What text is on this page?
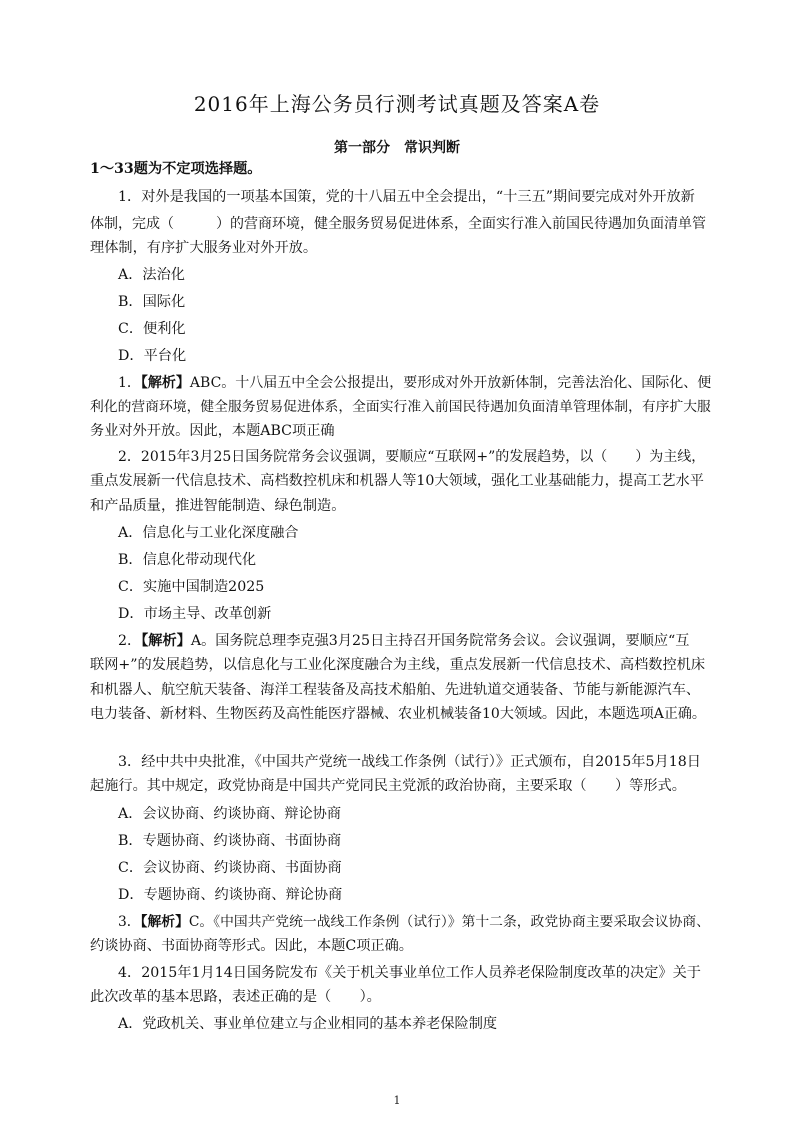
2016年上海公务员行测考试真题及答案A卷
第一部分　常识判断
1～33题为不定项选择题。
1．对外是我国的一项基本国策，党的十八届五中全会提出，“十三五”期间要完成对外开放新
体制，完成（　　　）的营商环境，健全服务贸易促进体系，全面实行准入前国民待遇加负面清单管
理体制，有序扩大服务业对外开放。
A．法治化
B．国际化
C．便利化
D．平台化
1．【解析】ABC。十八届五中全会公报提出，要形成对外开放新体制，完善法治化、国际化、便
利化的营商环境，健全服务贸易促进体系，全面实行准入前国民待遇加负面清单管理体制，有序扩大服
务业对外开放。因此，本题ABC项正确
2．2015年3月25日国务院常务会议强调，要顺应“互联网+”的发展趋势，以（　　）为主线，
重点发展新一代信息技术、高档数控机床和机器人等10大领域，强化工业基础能力，提高工艺水平
和产品质量，推进智能制造、绿色制造。
A．信息化与工业化深度融合
B．信息化带动现代化
C．实施中国制造2025
D．市场主导、改革创新
2．【解析】A。国务院总理李克强3月25日主持召开国务院常务会议。会议强调，要顺应“互
联网+”的发展趋势，以信息化与工业化深度融合为主线，重点发展新一代信息技术、高档数控机床
和机器人、航空航天装备、海洋工程装备及高技术船舶、先进轨道交通装备、节能与新能源汽车、
电力装备、新材料、生物医药及高性能医疗器械、农业机械装备10大领域。因此，本题选项A正确。
3．经中共中央批准，《中国共产党统一战线工作条例（试行）》正式颁布，自2015年5月18日
起施行。其中规定，政党协商是中国共产党同民主党派的政治协商，主要采取（　　）等形式。
A．会议协商、约谈协商、辩论协商
B．专题协商、约谈协商、书面协商
C．会议协商、约谈协商、书面协商
D．专题协商、约谈协商、辩论协商
3．【解析】C。《中国共产党统一战线工作条例（试行）》第十二条，政党协商主要采取会议协商、
约谈协商、书面协商等形式。因此，本题C项正确。
4．2015年1月14日国务院发布《关于机关事业单位工作人员养老保险制度改革的决定》关于
此次改革的基本思路，表述正确的是（　　）。
A．党政机关、事业单位建立与企业相同的基本养老保险制度
1
